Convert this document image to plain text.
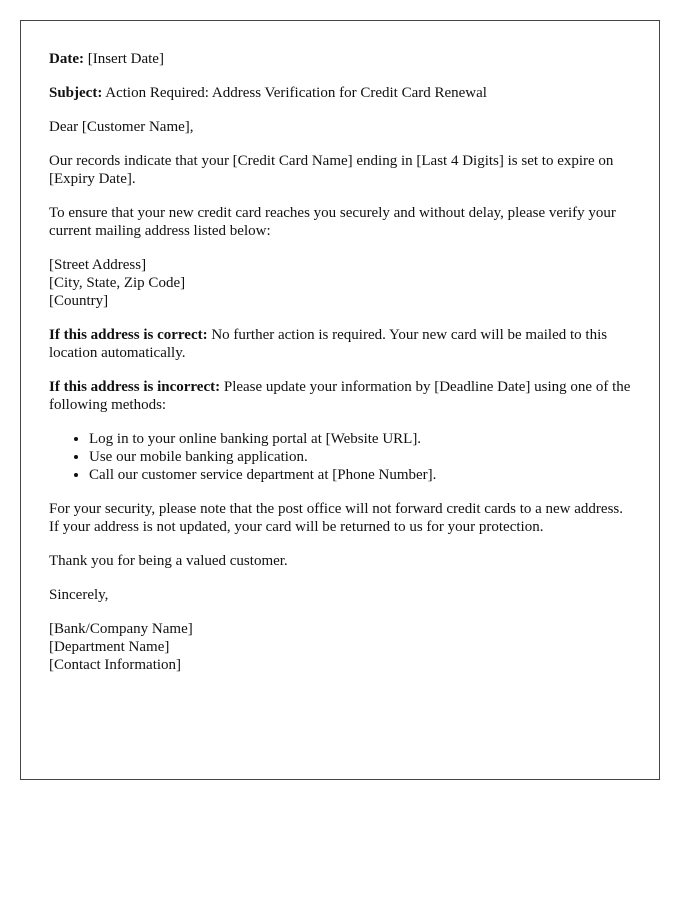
Date: [Insert Date]

Subject: Action Required: Address Verification for Credit Card Renewal

Dear [Customer Name],

Our records indicate that your [Credit Card Name] ending in [Last 4 Digits] is set to expire on [Expiry Date].

To ensure that your new credit card reaches you securely and without delay, please verify your current mailing address listed below:

[Street Address]
[City, State, Zip Code]
[Country]

If this address is correct: No further action is required. Your new card will be mailed to this location automatically.

If this address is incorrect: Please update your information by [Deadline Date] using one of the following methods:

• Log in to your online banking portal at [Website URL].
• Use our mobile banking application.
• Call our customer service department at [Phone Number].

For your security, please note that the post office will not forward credit cards to a new address. If your address is not updated, your card will be returned to us for your protection.

Thank you for being a valued customer.

Sincerely,

[Bank/Company Name]
[Department Name]
[Contact Information]
